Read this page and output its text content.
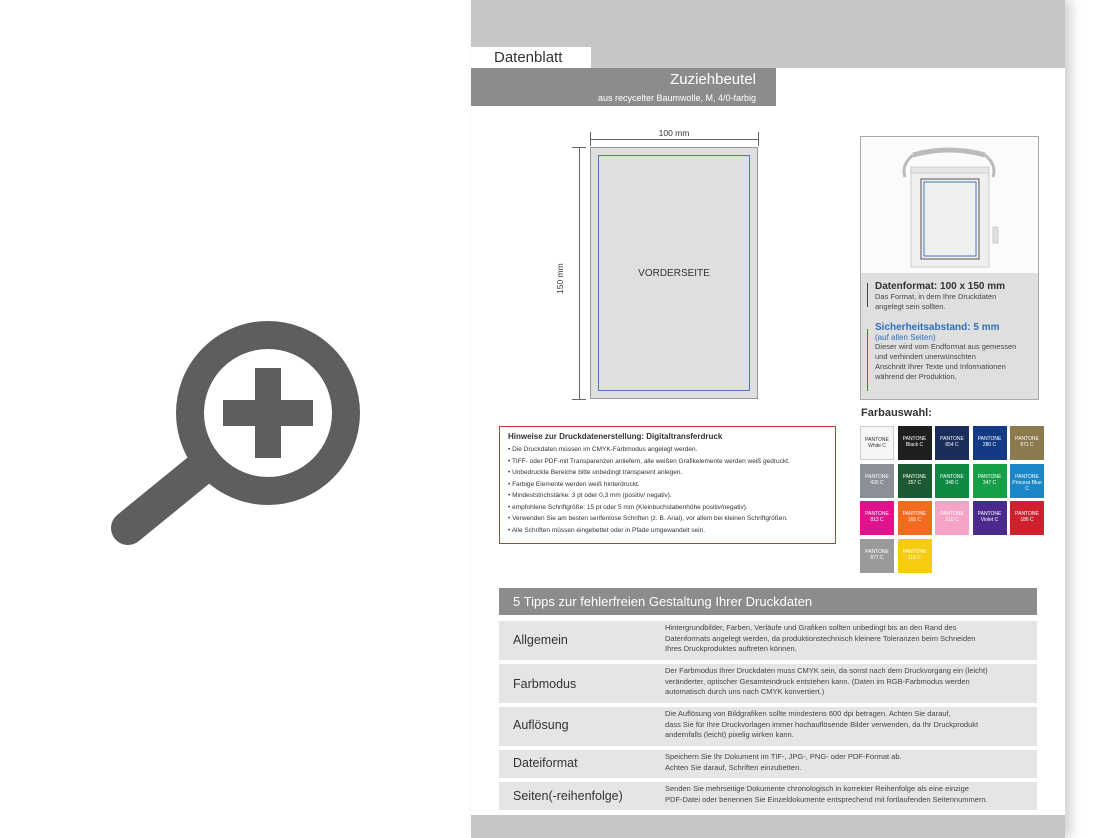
Datenblatt
Zuziehbeutel
aus recycelter Baumwolle, M, 4/0-farbig
100 mm
150 mm	VORDERSEITE
Datenformat: 100 x 150 mm
Das Format, in dem Ihre Druckdaten
angelegt sein sollten.
Sicherheitsabstand: 5 mm
(auf allen Seiten)
Dieser wird vom Endformat aus gemessen
und verhindert unerwünschten
Anschnitt Ihrer Texte und Informationen
während der Produktion.
Farbauswahl:
PANTONE
White C
PANTONE
Black C
PANTONE
654 C
PANTONE
280 C
PANTONE
871 C
PANTONE
430 C
PANTONE
357 C
PANTONE
348 C
PANTONE
347 C
PANTONE
Process Blue C
PANTONE
813 C
PANTONE
165 C
PANTONE
210 C
PANTONE
Violet C
PANTONE
186 C
PANTONE
877 C
PANTONE
116 C
Hinweise zur Druckdatenerstellung: Digitaltransferdruck
• Die Druckdaten müssen im CMYK-Farbmodus angelegt werden.
• TIFF- oder PDF-mit Transparenzen anliefern, alle weißen Grafikelemente werden weiß gedruckt.
• Unbedruckte Bereiche bitte unbedingt transparent anlegen.
• Farbige Elemente werden weiß hinterdruckt.
• Mindeststrichstärke: 3 pt oder 0,3 mm (positiv/ negativ).
• empfohlene Schriftgröße: 15 pt oder 5 mm (Kleinbuchstabenhöhe positiv/negativ).
• Verwenden Sie am besten serifenlose Schriften (z. B. Arial), vor allem bei kleinen Schriftgrößen.
• Alle Schriften müssen eingebettet oder in Pfade umgewandelt sein.
5 Tipps zur fehlerfreien Gestaltung Ihrer Druckdaten
Allgemein
Hintergrundbilder, Farben, Verläufe und Grafiken sollten unbedingt bis an den Rand des
Datenformats angelegt werden, da produktionstechnisch kleinere Toleranzen beim Schneiden
Ihres Druckproduktes auftreten können.
Farbmodus
Der Farbmodus Ihrer Druckdaten muss CMYK sein, da sonst nach dem Druckvorgang ein (leicht)
veränderter, optischer Gesamteindruck entstehen kann. (Daten im RGB-Farbmodus werden
automatisch durch uns nach CMYK konvertiert.)
Auflösung
Die Auflösung von Bildgrafiken sollte mindestens 600 dpi betragen. Achten Sie darauf,
dass Sie für Ihre Druckvorlagen immer hochauflösende Bilder verwenden, da Ihr Druckprodukt
andernfalls (leicht) pixelig wirken kann.
Dateiformat	Speichern Sie Ihr Dokument im TIF-, JPG-, PNG- oder PDF-Format ab.
Achten Sie darauf, Schriften einzubetten.
Seiten(-reihenfolge)
Senden Sie mehrseitige Dokumente chronologisch in korrekter Reihenfolge als eine einzige
PDF-Datei oder benennen Sie Einzeldokumente entsprechend mit fortlaufenden Seitennummern.
